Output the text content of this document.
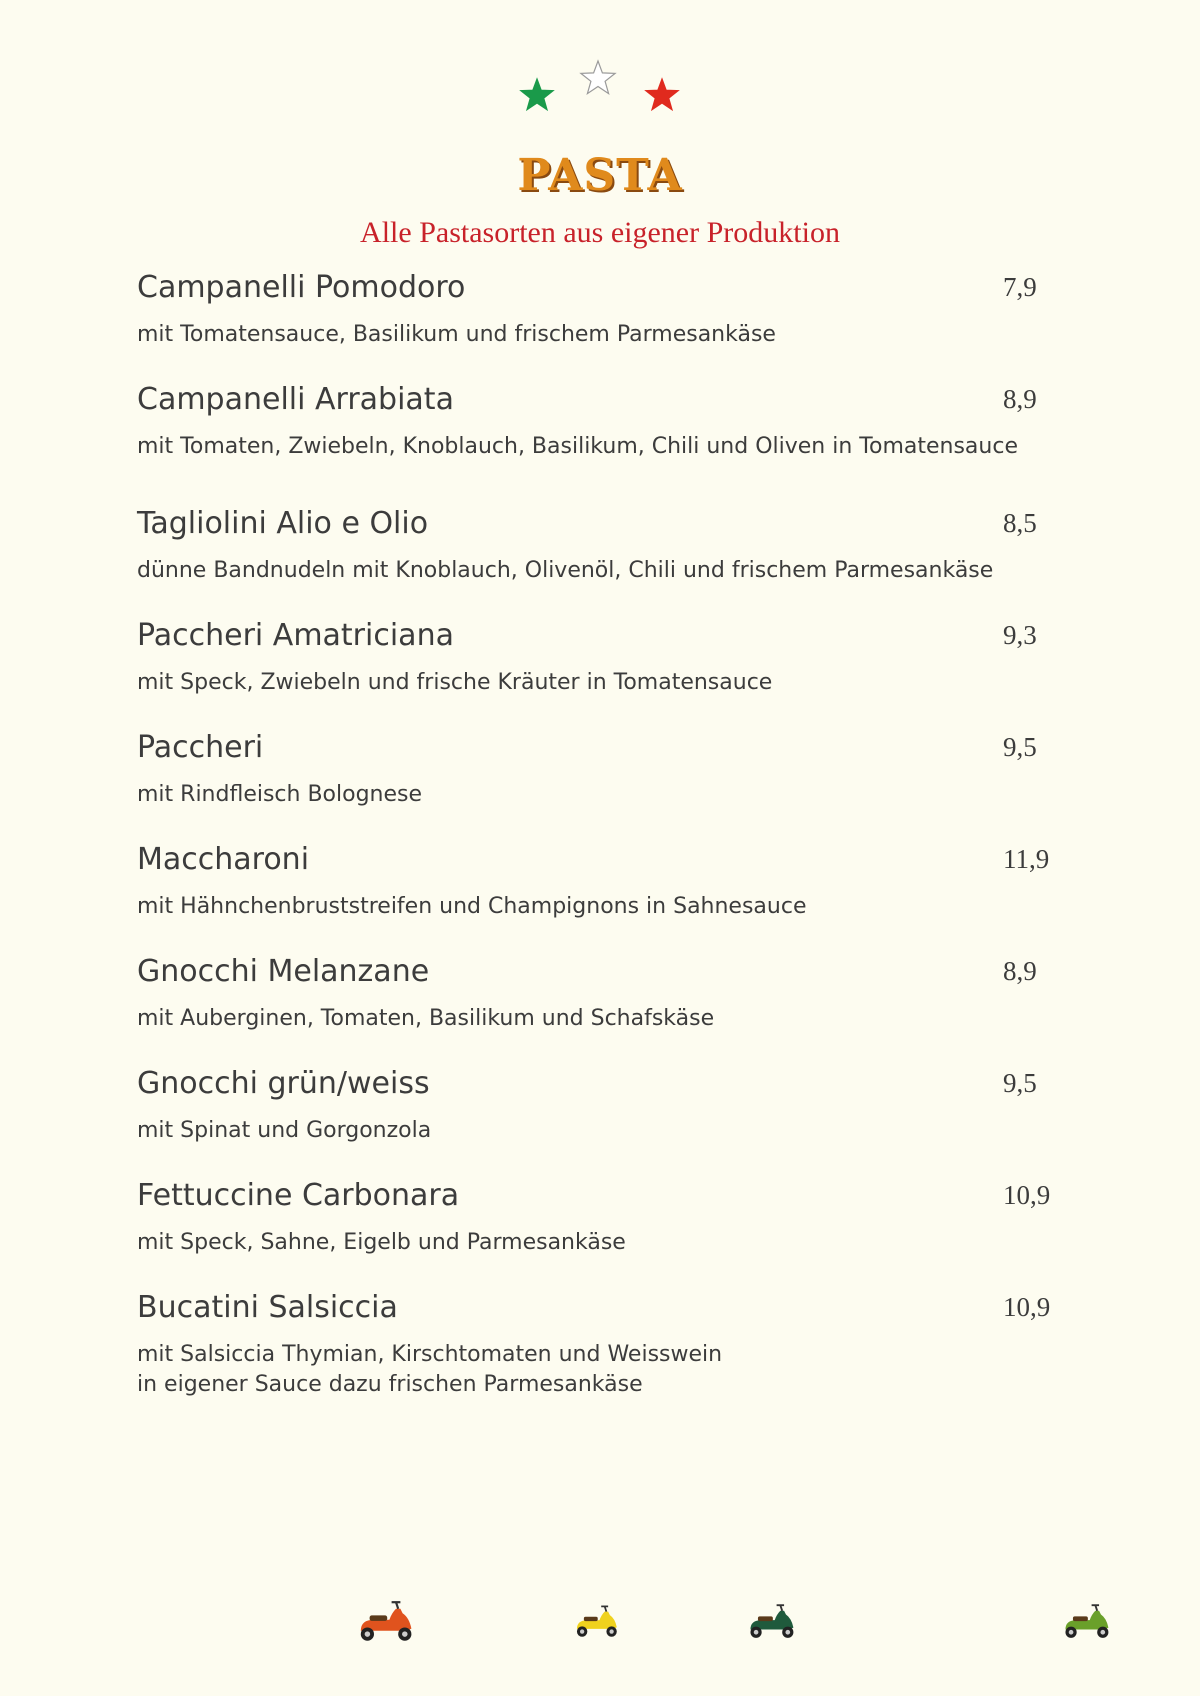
PASTA
Alle Pastasorten aus eigener Produktion
Campanelli Pomodoro	7,9
mit Tomatensauce, Basilikum und frischem Parmesankäse
Campanelli Arrabiata	8,9
mit Tomaten, Zwiebeln, Knoblauch, Basilikum, Chili und Oliven in Tomatensauce
Tagliolini Alio e Olio	8,5
dünne Bandnudeln mit Knoblauch, Olivenöl, Chili und frischem Parmesankäse
Paccheri Amatriciana	9,3
mit Speck, Zwiebeln und frische Kräuter in Tomatensauce
Paccheri	9,5
mit Rindfleisch Bolognese
Maccharoni	11,9
mit Hähnchenbruststreifen und Champignons in Sahnesauce
Gnocchi Melanzane	8,9
mit Auberginen, Tomaten, Basilikum und Schafskäse
Gnocchi grün/weiss	9,5
mit Spinat und Gorgonzola
Fettuccine Carbonara	10,9
mit Speck, Sahne, Eigelb und Parmesankäse
Bucatini Salsiccia	10,9
mit Salsiccia Thymian, Kirschtomaten und Weisswein
in eigener Sauce dazu frischen Parmesankäse
